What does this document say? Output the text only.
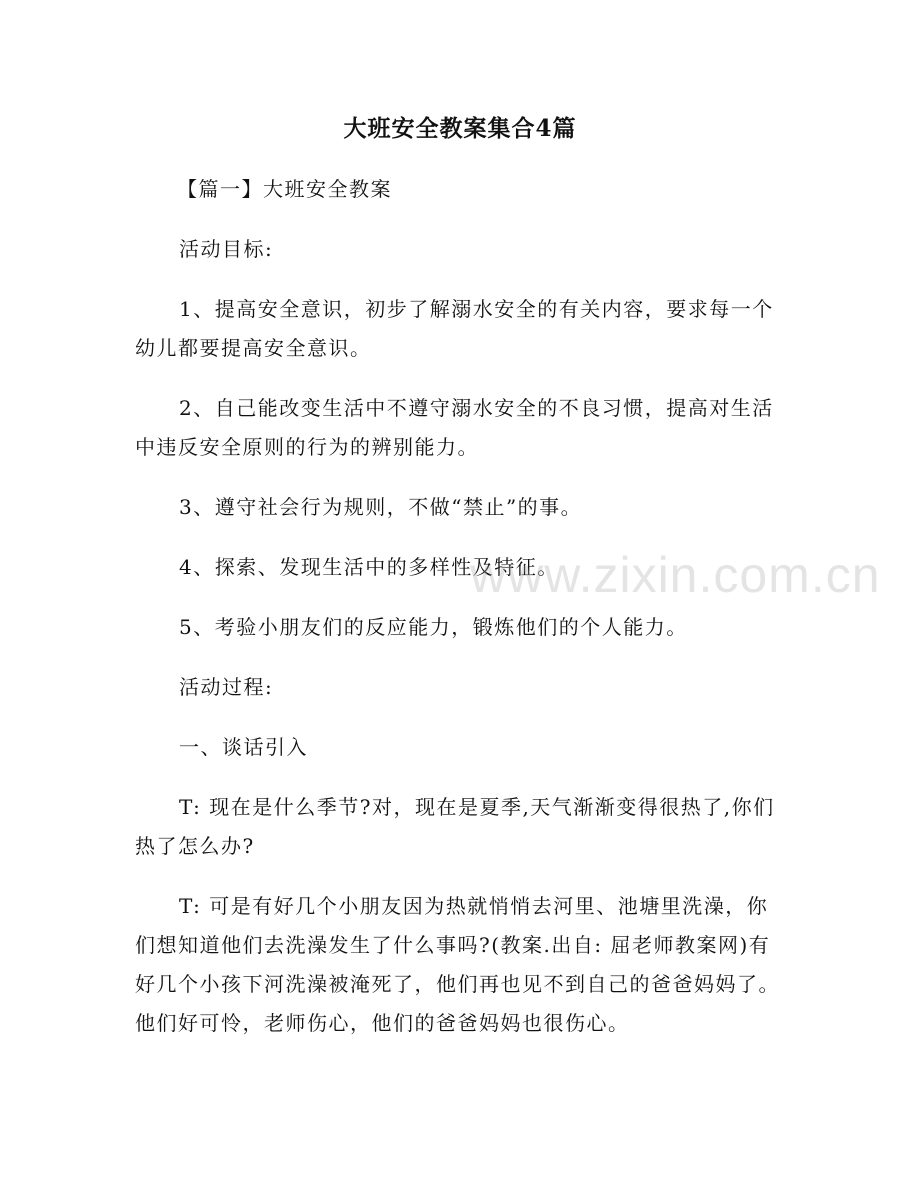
大班安全教案集合4篇

【篇一】大班安全教案

活动目标:

1、提高安全意识，初步了解溺水安全的有关内容，要求每一个幼儿都要提高安全意识。

2、自己能改变生活中不遵守溺水安全的不良习惯，提高对生活中违反安全原则的行为的辨别能力。

3、遵守社会行为规则，不做“禁止”的事。

4、探索、发现生活中的多样性及特征。

5、考验小朋友们的反应能力，锻炼他们的个人能力。

活动过程:

一、谈话引入

T: 现在是什么季节?对，现在是夏季,天气渐渐变得很热了,你们热了怎么办?

T: 可是有好几个小朋友因为热就悄悄去河里、池塘里洗澡，你们想知道他们去洗澡发生了什么事吗?(教案.出自: 屈老师教案网)有好几个小孩下河洗澡被淹死了，他们再也见不到自己的爸爸妈妈了。他们好可怜，老师伤心，他们的爸爸妈妈也很伤心。

www.zixin.com.cn
